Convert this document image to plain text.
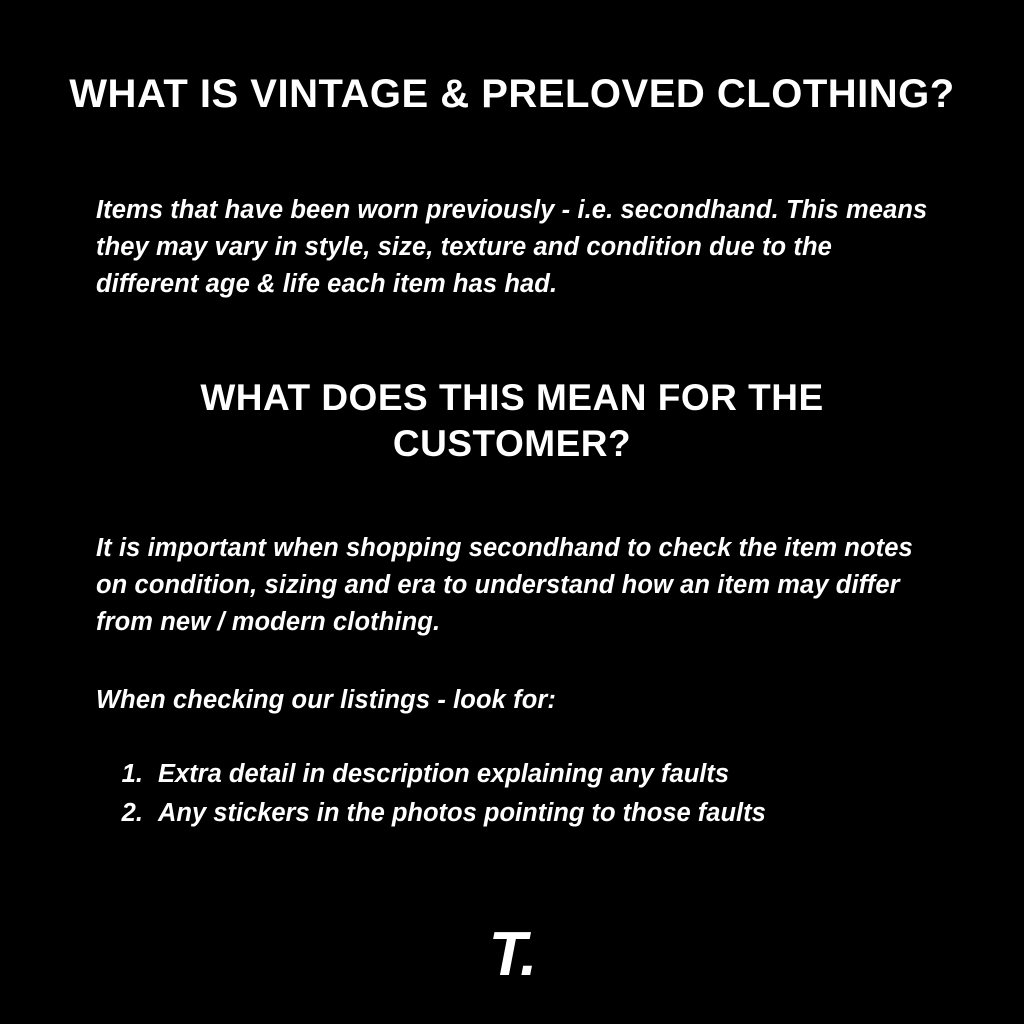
WHAT IS VINTAGE & PRELOVED CLOTHING?
Items that have been worn previously - i.e. secondhand. This means they may vary in style, size, texture and condition due to the different age & life each item has had.
WHAT DOES THIS MEAN FOR THE CUSTOMER?
It is important when shopping secondhand to check the item notes on condition, sizing and era to understand how an item may differ from new / modern clothing.
When checking our listings - look for:
1. Extra detail in description explaining any faults
2. Any stickers in the photos pointing to those faults
T.
